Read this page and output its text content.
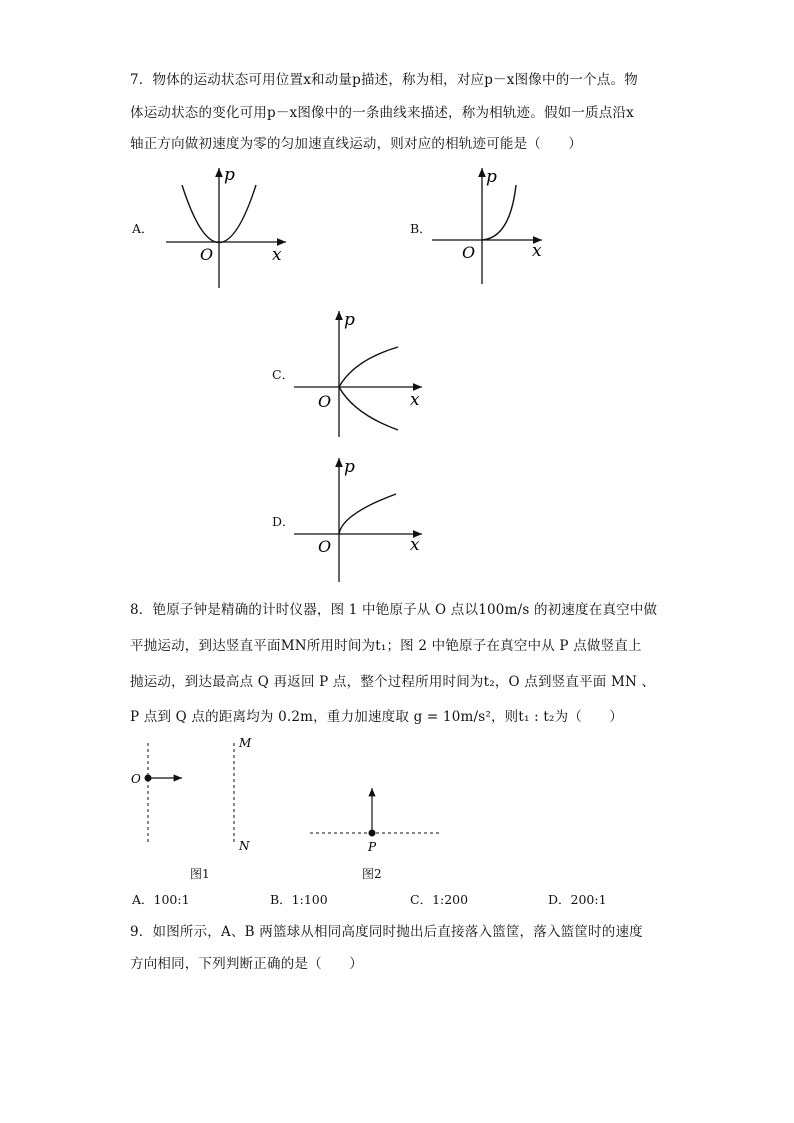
7．物体的运动状态可用位置x和动量p描述，称为相，对应p－x图像中的一个点。物
体运动状态的变化可用p－x图像中的一条曲线来描述，称为相轨迹。假如一质点沿x
轴正方向做初速度为零的匀加速直线运动，则对应的相轨迹可能是（　　）
A．
p
x
O
B．
p
x
O
C．
p
x
O
D．
p
x
O
8．铯原子钟是精确的计时仪器，图 1 中铯原子从 O 点以100m/s 的初速度在真空中做
平抛运动，到达竖直平面MN所用时间为t₁；图 2 中铯原子在真空中从 P 点做竖直上
抛运动，到达最高点 Q 再返回 P 点，整个过程所用时间为t₂，O 点到竖直平面 MN 、
P 点到 Q 点的距离均为 0.2m，重力加速度取 g = 10m/s²，则t₁ : t₂为（　　）
O
M
N
图1
P
图2
A．100:1	B．1:100	C．1:200	D．200:1
9．如图所示，A、B 两篮球从相同高度同时抛出后直接落入篮筐，落入篮筐时的速度
方向相同，下列判断正确的是（　　）
